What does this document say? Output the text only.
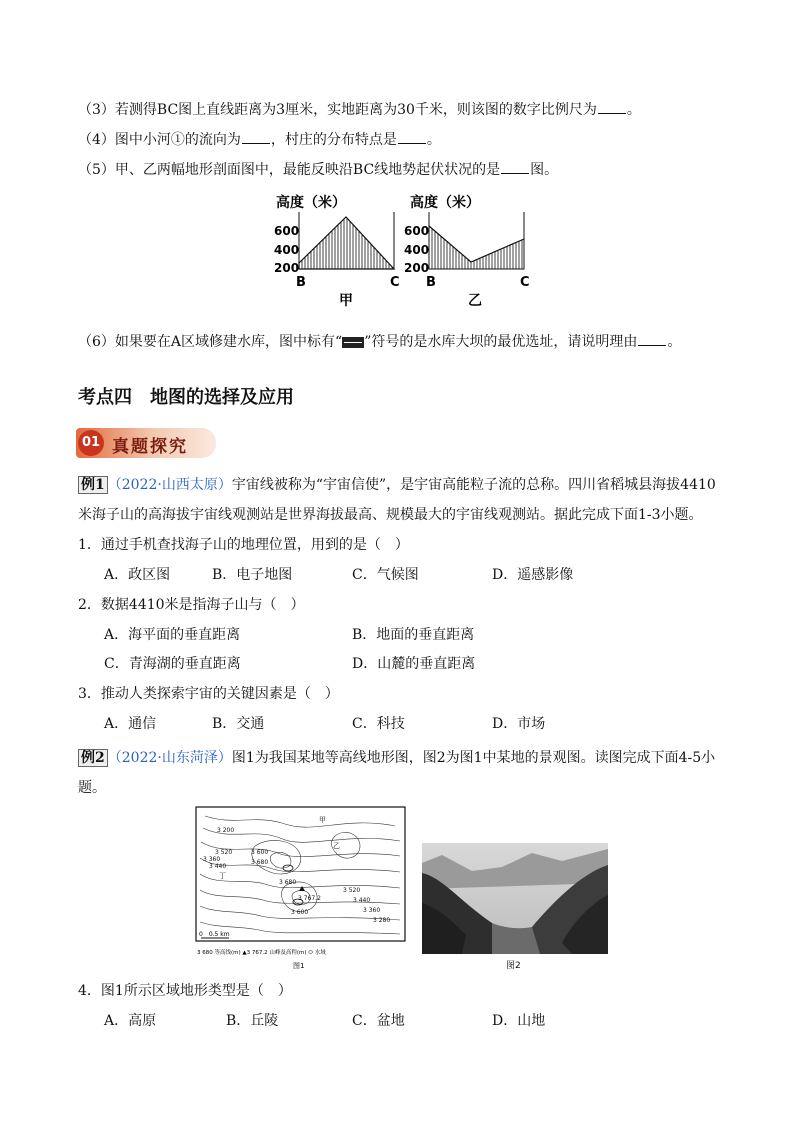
（3）若测得BC图上直线距离为3厘米，实地距离为30千米，则该图的数字比例尺为 。
（4）图中小河①的流向为 ，村庄的分布特点是 。
（5）甲、乙两幅地形剖面图中，最能反映沿BC线地势起伏状况的是 图。
高度（米）
600
400
200
B	C
甲
高度（米）
600
400
200
B	C
乙
（6）如果要在A区域修建水库，图中标有“ ”符号的是水库大坝的最优选址，请说明理由 。
考点四　地图的选择及应用
01 真题探究
例1 （2022·山西太原）宇宙线被称为“宇宙信使”，是宇宙高能粒子流的总称。四川省稻城县海拔4410
米海子山的高海拔宇宙线观测站是世界海拔最高、规模最大的宇宙线观测站。据此完成下面1-3小题。
1．通过手机查找海子山的地理位置，用到的是（　）
A．政区图	B．电子地图	C．气候图	D．遥感影像
2．数据4410米是指海子山与（　）
A．海平面的垂直距离	B．地面的垂直距离
C．青海湖的垂直距离	D．山麓的垂直距离
3．推动人类探索宇宙的关键因素是（　）
A．通信	B．交通	C．科技	D．市场
例2 （2022·山东菏泽）图1为我国某地等高线地形图，图2为图1中某地的景观图。读图完成下面4-5小
题。
3 200
3 360
3 440
3 520	3 600
3 680
3 680
3 767.2
3 600
3 520
3 440
3 360
3 280
甲
乙
丁
0　0.5 km
3 680 等高线(m) ▲3 767.2 山峰及高程(m) ⬭ 水域
图1	图2
4．图1所示区域地形类型是（　）
A．高原	B．丘陵	C．盆地	D．山地
